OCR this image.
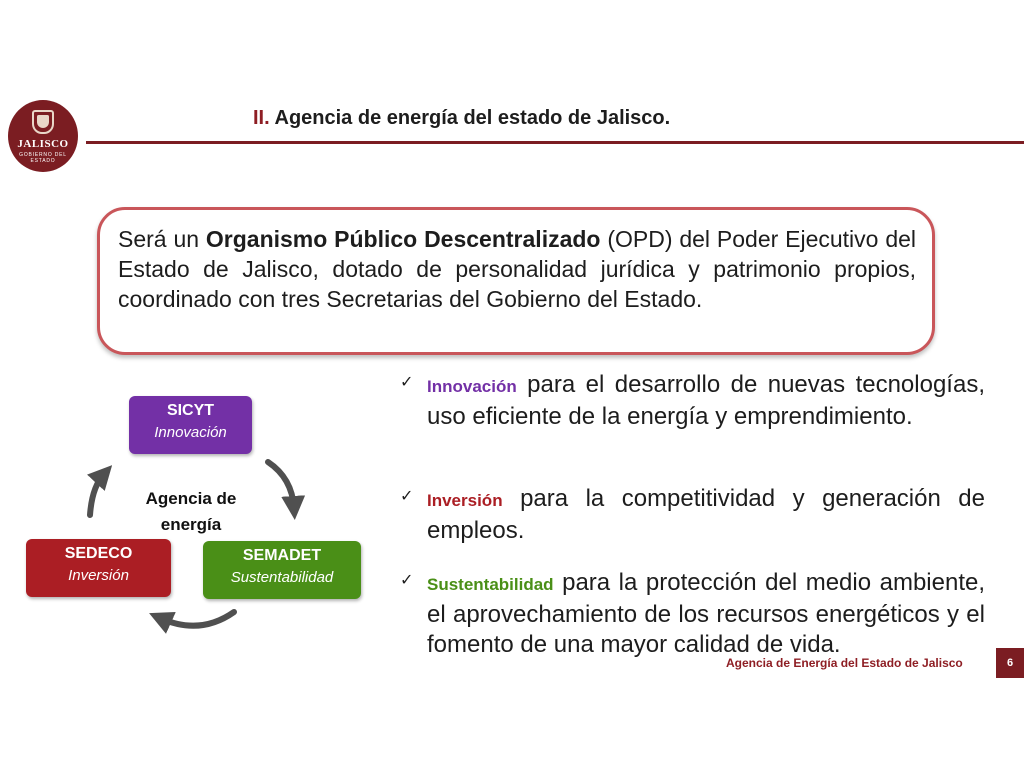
JALISCO
GOBIERNO DEL ESTADO
II. Agencia de energía del estado de Jalisco.
Será un Organismo Público Descentralizado (OPD) del Poder Ejecutivo del Estado de Jalisco, dotado de personalidad jurídica y patrimonio propios, coordinado con tres Secretarias del Gobierno del Estado.
SICYT
Innovación
Agencia de energía
SEDECO
Inversión
SEMADET
Sustentabilidad
✓ Innovación para el desarrollo de nuevas tecnologías, uso eficiente de la energía y emprendimiento.
✓ Inversión para la competitividad y generación de empleos.
✓ Sustentabilidad para la protección del medio ambiente, el aprovechamiento de los recursos energéticos y el fomento de una mayor calidad de vida.
Agencia de Energía del Estado de Jalisco	6
